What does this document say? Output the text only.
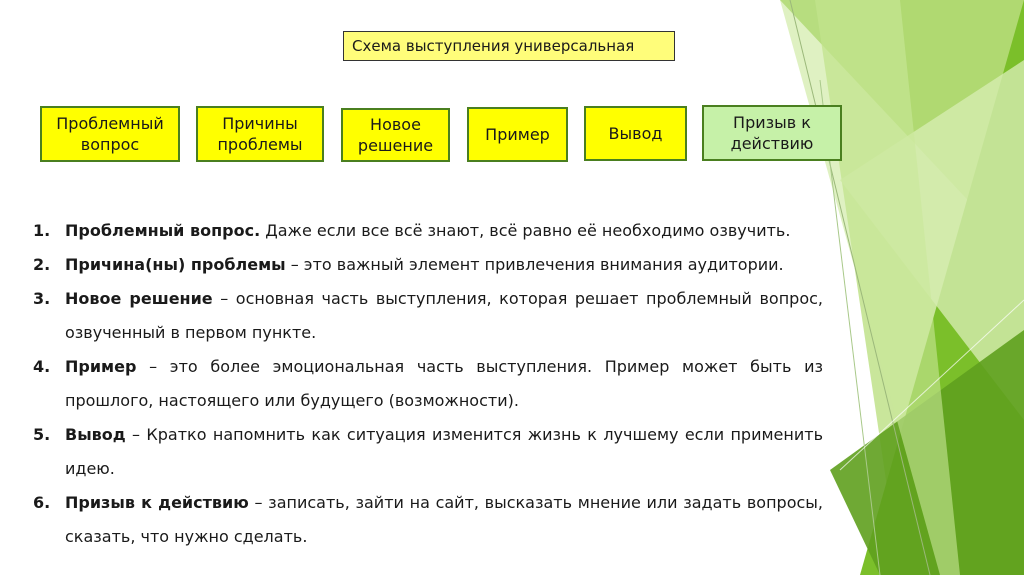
Схема выступления универсальная
Проблемный
вопрос
Причины
проблемы
Новое
решение
Пример	Вывод
Призыв к
действию
1. Проблемный вопрос. Даже если все всё знают, всё равно её необходимо озвучить.
2. Причина(ны) проблемы – это важный элемент привлечения внимания аудитории.
3. Новое решение – основная часть выступления, которая решает проблемный вопрос, озвученный в первом пункте.
4. Пример – это более эмоциональная часть выступления. Пример может быть из прошлого, настоящего или будущего (возможности).
5. Вывод – Кратко напомнить как ситуация изменится жизнь к лучшему если применить идею.
6. Призыв к действию – записать, зайти на сайт, высказать мнение или задать вопросы, сказать, что нужно сделать.
